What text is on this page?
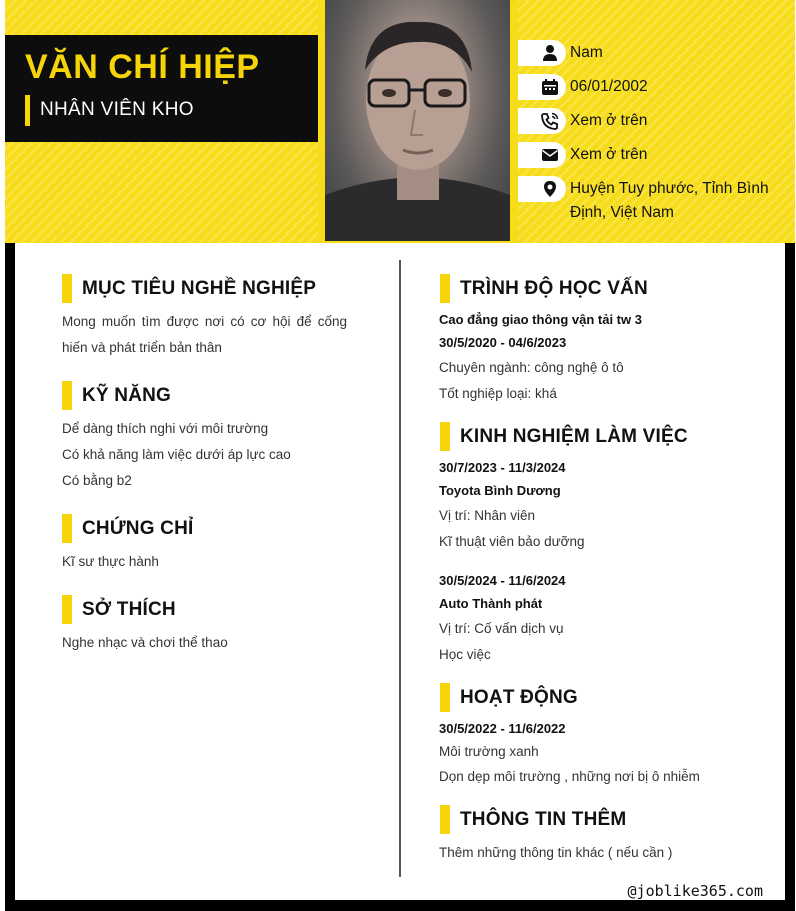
VĂN CHÍ HIỆP
NHÂN VIÊN KHO
Nam
06/01/2002
Xem ở trên
Xem ở trên
Huyện Tuy phước, Tỉnh Bình Định, Việt Nam
MỤC TIÊU NGHỀ NGHIỆP
Mong muốn tìm được nơi có cơ hội để cống hiến và phát triển bản thân
KỸ NĂNG
Dể dàng thích nghi với môi trường
Có khả năng làm việc dưới áp lực cao
Có bằng b2
CHỨNG CHỈ
Kĩ sư thực hành
SỞ THÍCH
Nghe nhạc và chơi thể thao
TRÌNH ĐỘ HỌC VẤN
Cao đẳng giao thông vận tải tw 3
30/5/2020 - 04/6/2023
Chuyên ngành: công nghệ ô tô
Tốt nghiệp loại: khá
KINH NGHIỆM LÀM VIỆC
30/7/2023 - 11/3/2024
Toyota Bình Dương
Vị trí: Nhân viên
Kĩ thuật viên bảo dưỡng
30/5/2024 - 11/6/2024
Auto Thành phát
Vị trí: Cố vấn dịch vụ
Học việc
HOẠT ĐỘNG
30/5/2022 - 11/6/2022
Môi trường xanh
Dọn dẹp môi trường , những nơi bị ô nhiễm
THÔNG TIN THÊM
Thêm những thông tin khác ( nếu cần )
@joblike365.com
